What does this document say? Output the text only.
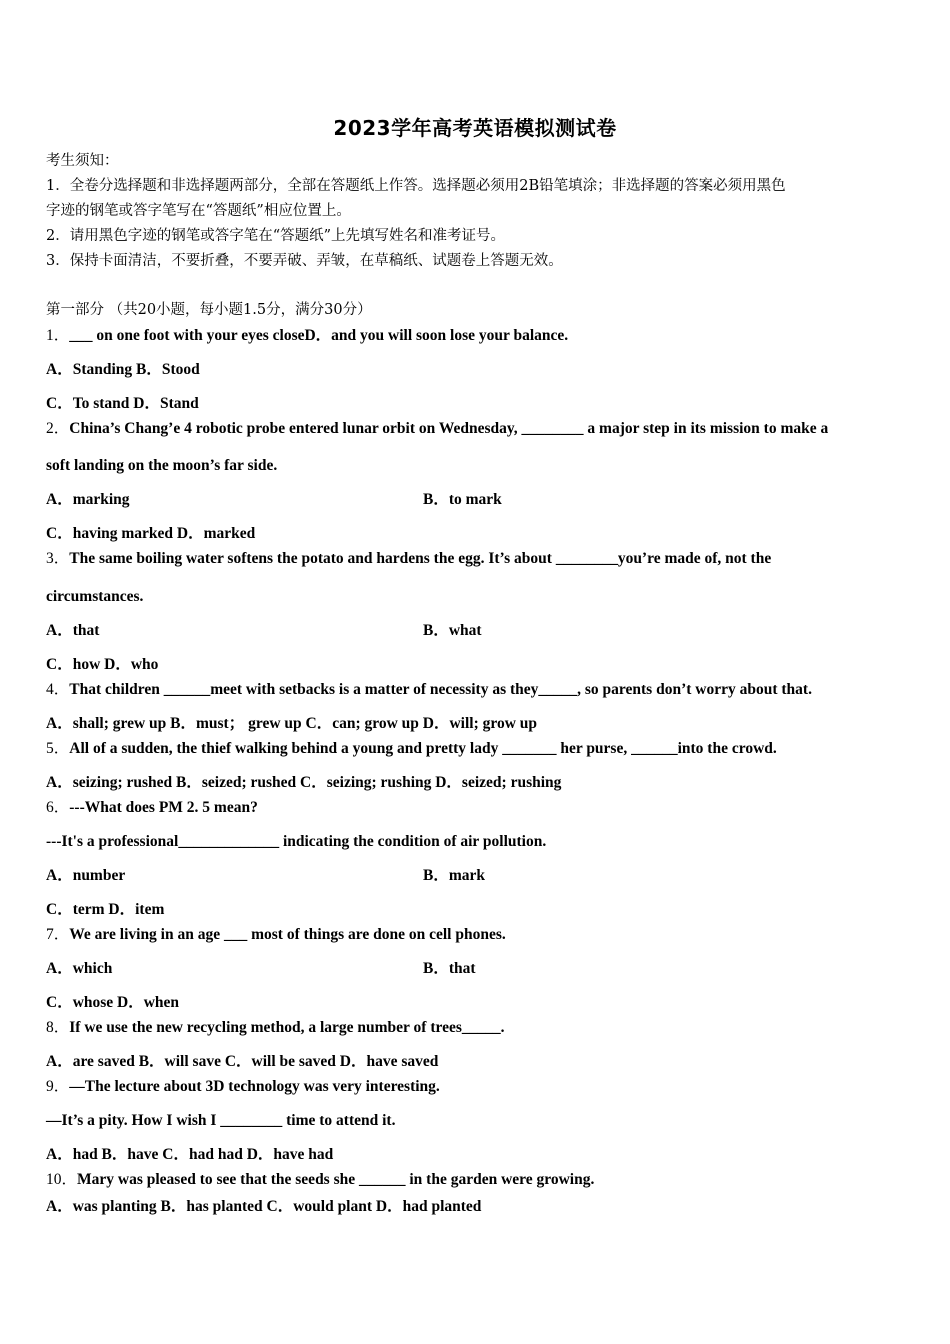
2023学年高考英语模拟测试卷
考生须知：
1．全卷分选择题和非选择题两部分，全部在答题纸上作答。选择题必须用2B铅笔填涂；非选择题的答案必须用黑色
字迹的钢笔或答字笔写在“答题纸”相应位置上。
2．请用黑色字迹的钢笔或答字笔在“答题纸”上先填写姓名和准考证号。
3．保持卡面清洁，不要折叠，不要弄破、弄皱，在草稿纸、试题卷上答题无效。
第一部分 （共20小题，每小题1.5分，满分30分）
1．___ on one foot with your eyes closeD．and you will soon lose your balance.
A．Standing B．Stood
C．To stand D．Stand
2．China’s Chang’e 4 robotic probe entered lunar orbit on Wednesday, ________ a major step in its mission to make a
soft landing on the moon’s far side.
A．marking	B．to mark
C．having marked D．marked
3．The same boiling water softens the potato and hardens the egg. It’s about ________you’re made of, not the
circumstances.
A．that	B．what
C．how D．who
4．That children ______meet with setbacks is a matter of necessity as they_____, so parents don’t worry about that.
A．shall; grew up B．must； grew up C．can; grow up D．will; grow up
5．All of a sudden, the thief walking behind a young and pretty lady _______ her purse, ______into the crowd.
A．seizing; rushed B．seized; rushed C．seizing; rushing D．seized; rushing
6．---What does PM 2. 5 mean?
---It's a professional_____________ indicating the condition of air pollution.
A．number	B．mark
C．term D．item
7．We are living in an age ___ most of things are done on cell phones.
A．which	B．that
C．whose D．when
8．If we use the new recycling method, a large number of trees_____.
A．are saved B．will save C．will be saved D．have saved
9．—The lecture about 3D technology was very interesting.
—It’s a pity. How I wish I ________ time to attend it.
A．had B．have C．had had D．have had
10．Mary was pleased to see that the seeds she ______ in the garden were growing.
A．was planting B．has planted C．would plant D．had planted
